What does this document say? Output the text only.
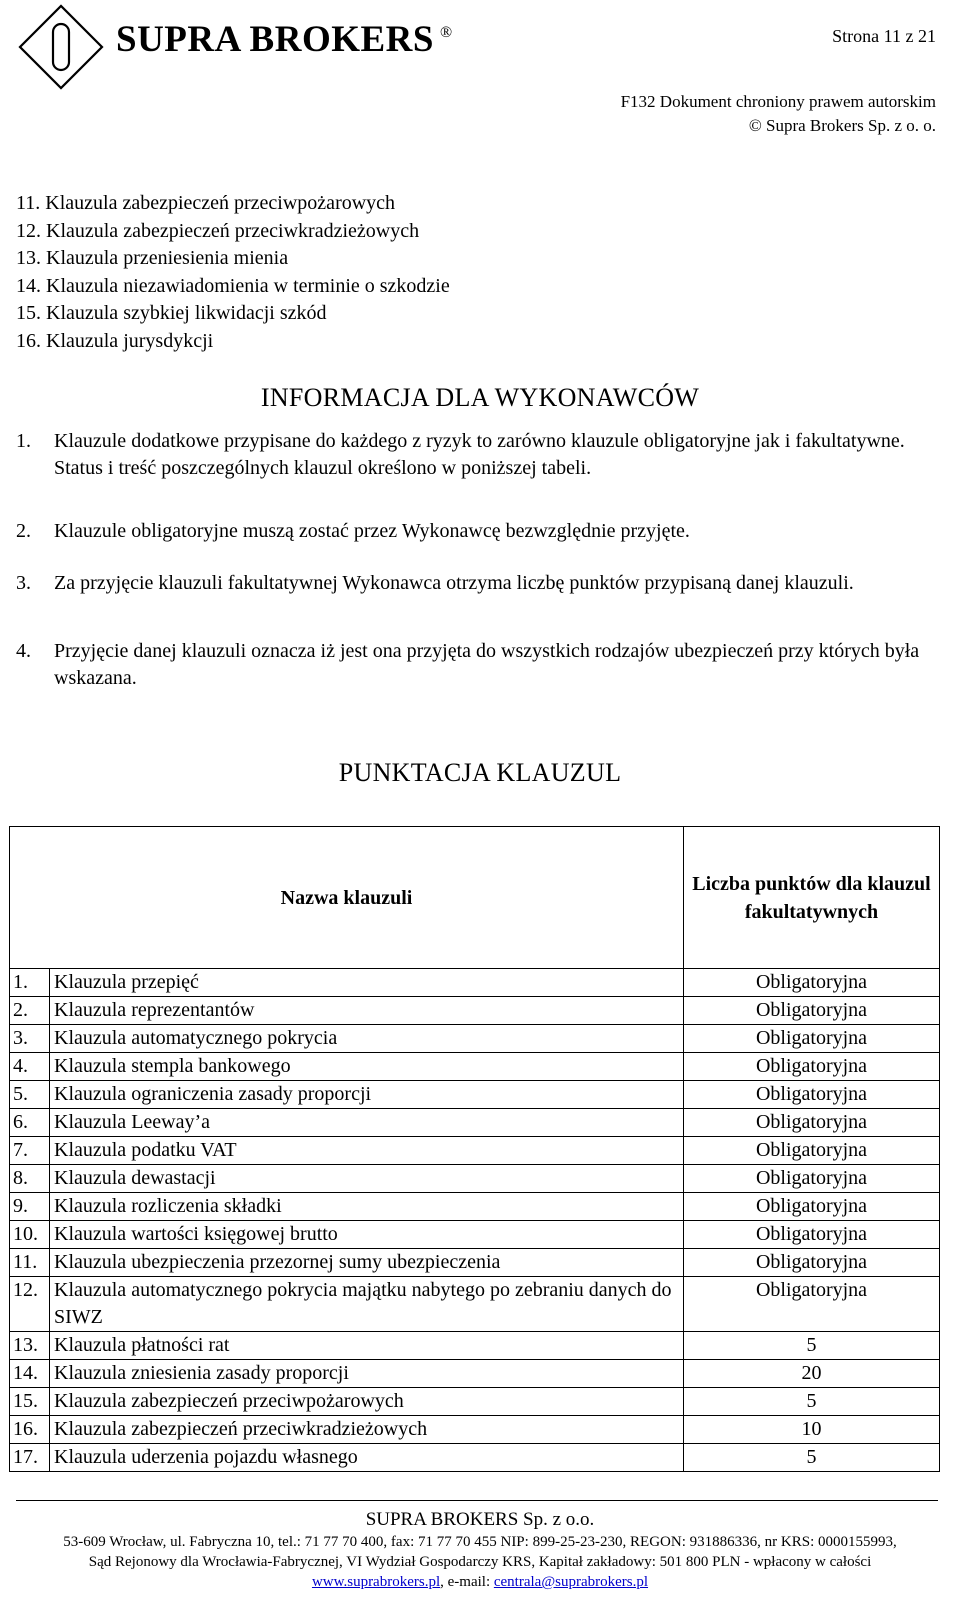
SUPRA BROKERS ®	Strona 11 z 21
F132 Dokument chroniony prawem autorskim
© Supra Brokers Sp. z o. o.
11. Klauzula zabezpieczeń przeciwpożarowych
12. Klauzula zabezpieczeń przeciwkradzieżowych
13. Klauzula przeniesienia mienia
14. Klauzula niezawiadomienia w terminie o szkodzie
15. Klauzula szybkiej likwidacji szkód
16. Klauzula jurysdykcji
INFORMACJA DLA WYKONAWCÓW
1. Klauzule dodatkowe przypisane do każdego z ryzyk to zarówno klauzule obligatoryjne jak i fakultatywne. Status i treść poszczególnych klauzul określono w poniższej tabeli.
2. Klauzule obligatoryjne muszą zostać przez Wykonawcę bezwzględnie przyjęte.
3. Za przyjęcie klauzuli fakultatywnej Wykonawca otrzyma liczbę punktów przypisaną danej klauzuli.
4. Przyjęcie danej klauzuli oznacza iż jest ona przyjęta do wszystkich rodzajów ubezpieczeń przy których była wskazana.
PUNKTACJA KLAUZUL
Nazwa klauzuli		Liczba punktów dla klauzul fakultatywnych
1.	Klauzula przepięć	Obligatoryjna
2.	Klauzula reprezentantów	Obligatoryjna
3.	Klauzula automatycznego pokrycia	Obligatoryjna
4.	Klauzula stempla bankowego	Obligatoryjna
5.	Klauzula ograniczenia zasady proporcji	Obligatoryjna
6.	Klauzula Leeway’a	Obligatoryjna
7.	Klauzula podatku VAT	Obligatoryjna
8.	Klauzula dewastacji	Obligatoryjna
9.	Klauzula rozliczenia składki	Obligatoryjna
10.	Klauzula wartości księgowej brutto	Obligatoryjna
11.	Klauzula ubezpieczenia przezornej sumy ubezpieczenia	Obligatoryjna
12.	Klauzula automatycznego pokrycia majątku nabytego po zebraniu danych do SIWZ	Obligatoryjna
13.	Klauzula płatności rat	5
14.	Klauzula zniesienia zasady proporcji	20
15.	Klauzula zabezpieczeń przeciwpożarowych	5
16.	Klauzula zabezpieczeń przeciwkradzieżowych	10
17.	Klauzula uderzenia pojazdu własnego	5
SUPRA BROKERS Sp. z o.o.
53-609 Wrocław, ul. Fabryczna 10, tel.: 71 77 70 400, fax: 71 77 70 455 NIP: 899-25-23-230, REGON: 931886336, nr KRS: 0000155993,
Sąd Rejonowy dla Wrocławia-Fabrycznej, VI Wydział Gospodarczy KRS, Kapitał zakładowy: 501 800 PLN - wpłacony w całości
www.suprabrokers.pl, e-mail: centrala@suprabrokers.pl
